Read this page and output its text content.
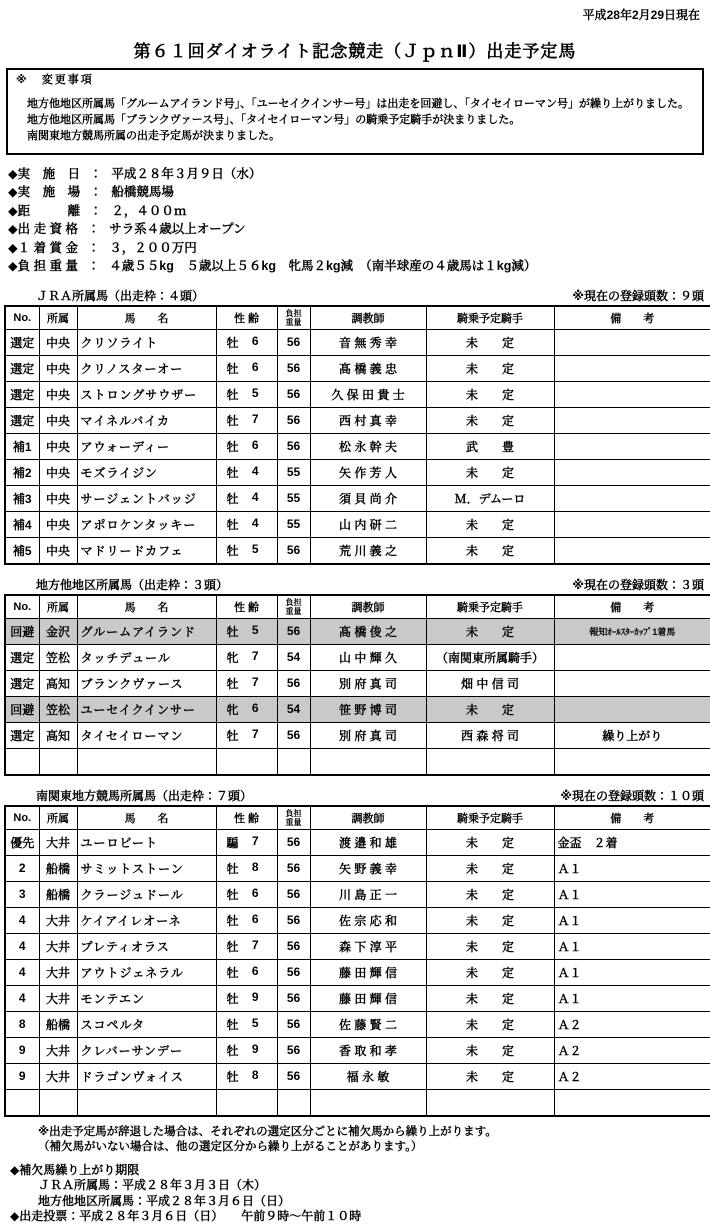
平成28年2月29日現在
第６１回ダイオライト記念競走（ＪｐｎⅡ）出走予定馬
※　変更事項

地方他地区所属馬「グルームアイランド号」、「ユーセイクインサー号」は出走を回避し、「タイセイローマン号」が繰り上がりました。

地方他地区所属馬「ブランクヴァース号」、「タイセイローマン号」の騎乗予定騎手が決まりました。

南関東地方競馬所属の出走予定馬が決まりました。

◆実　施　日　：　平成２８年３月９日（水）
◆実　施　場　：　船橋競馬場
◆距　　　離　：　２，４００ｍ
◆出 走 資 格　：　サラ系４歳以上オープン
◆１ 着 賞 金　：　３，２００万円
◆負 担 重 量　：　４歳５５kg　５歳以上５６kg　牝馬２kg減　（南半球産の４歳馬は１kg減）
ＪＲＡ所属馬（出走枠：４頭）	※現在の登録頭数：９頭
No.	所属	馬　　名	性 齢	負担
重量	調教師	騎乗予定騎手	備　　考
選定	中央	クリソライト	牡 6	56	音 無 秀 幸	未　　定	
選定	中央	クリノスターオー	牡 6	56	髙 橋 義 忠	未　　定	
選定	中央	ストロングサウザー	牡 5	56	久 保 田 貴 士	未　　定	
選定	中央	マイネルバイカ	牡 7	56	西 村 真 幸	未　　定	
補1	中央	アウォーディー	牡 6	56	松 永 幹 夫	武　　豊	
補2	中央	モズライジン	牡 4	55	矢 作 芳 人	未　　定	
補3	中央	サージェントバッジ	牡 4	55	須 貝 尚 介	Ｍ．デムーロ	
補4	中央	アポロケンタッキー	牡 4	55	山 内 研 二	未　　定	
補5	中央	マドリードカフェ	牡 5	56	荒 川 義 之	未　　定	
地方他地区所属馬（出走枠：３頭）	※現在の登録頭数：３頭
No.	所属	馬　　名	性 齢	負担
重量	調教師	騎乗予定騎手	備　　考
回避	金沢	グルームアイランド	牡 5	56	髙 橋 俊 之	未　　定	報知ｵｰﾙｽﾀｰｶｯﾌﾟ1着馬
選定	笠松	タッチデュール	牝 7	54	山 中 輝 久	（南関東所属騎手）	
選定	高知	ブランクヴァース	牡 7	56	別 府 真 司	畑 中 信 司	
回避	笠松	ユーセイクインサー	牝 6	54	笹 野 博 司	未　　定	
選定	高知	タイセイローマン	牡 7	56	別 府 真 司	西 森 将 司	繰り上がり

南関東地方競馬所属馬（出走枠：７頭）	※現在の登録頭数：１０頭
No.	所属	馬　　名	性 齢	負担
重量	調教師	騎乗予定騎手	備　　考
優先	大井	ユーロビート	騙 7	56	渡 邉 和 雄	未　　定	金盃　２着
2	船橋	サミットストーン	牡 8	56	矢 野 義 幸	未　　定	Ａ１
3	船橋	クラージュドール	牡 6	56	川 島 正 一	未　　定	Ａ１
4	大井	ケイアイレオーネ	牡 6	56	佐 宗 応 和	未　　定	Ａ１
4	大井	プレティオラス	牡 7	56	森 下 淳 平	未　　定	Ａ１
4	大井	アウトジェネラル	牡 6	56	藤 田 輝 信	未　　定	Ａ１
4	大井	モンテエン	牡 9	56	藤 田 輝 信	未　　定	Ａ１
8	船橋	スコペルタ	牡 5	56	佐 藤 賢 二	未　　定	Ａ２
9	大井	クレバーサンデー	牡 9	56	香 取 和 孝	未　　定	Ａ２
9	大井	ドラゴンヴォイス	牡 8	56	福 永 敏	未　　定	Ａ２

※出走予定馬が辞退した場合は、それぞれの選定区分ごとに補欠馬から繰り上がります。
（補欠馬がいない場合は、他の選定区分から繰り上がることがあります。）
◆補欠馬繰り上がり期限
ＪＲＡ所属馬：平成２８年３月３日（木）
地方他地区所属馬：平成２８年３月６日（日）
◆出走投票：平成２８年３月６日（日）　　午前９時～午前１０時
